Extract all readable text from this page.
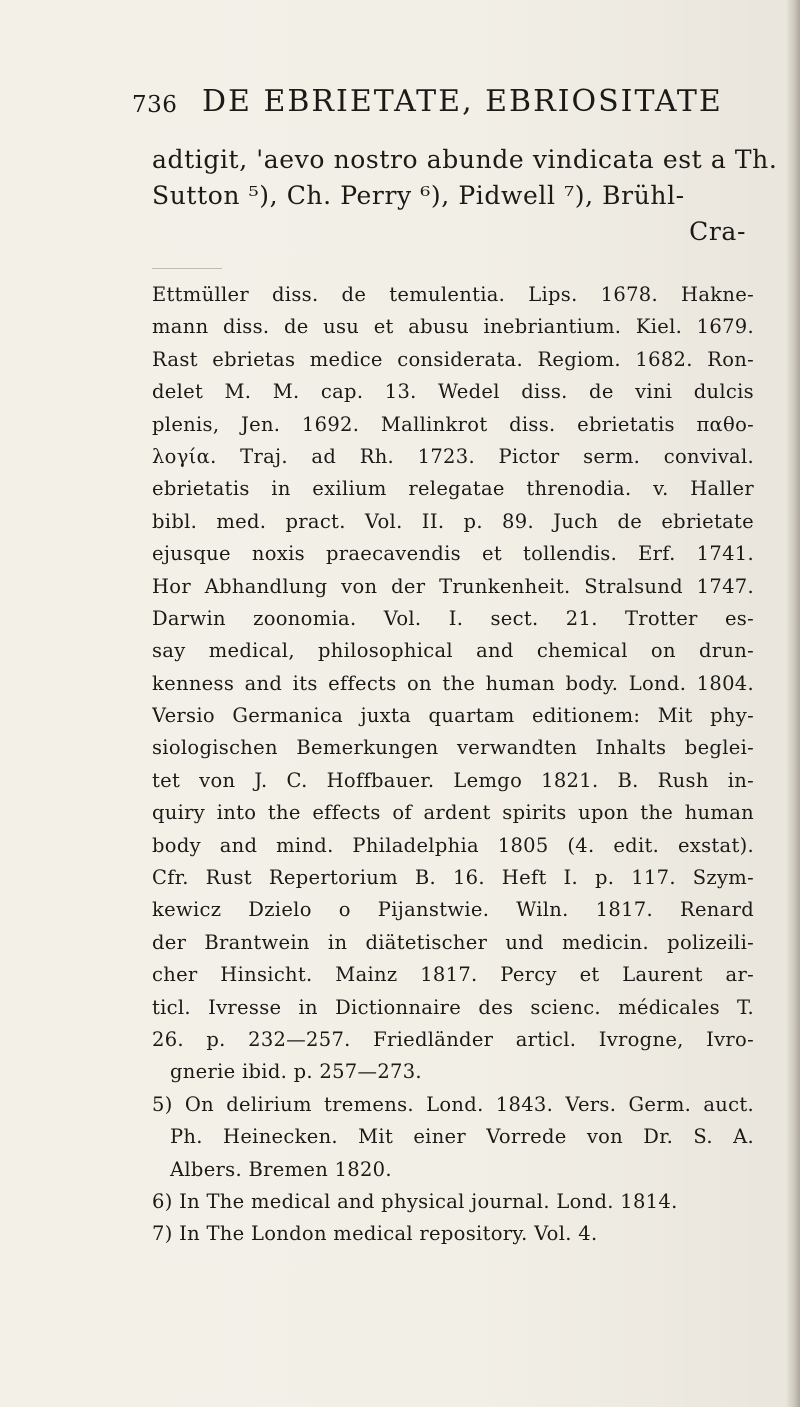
736 DE EBRIETATE, EBRIOSITATE
adtigit, 'aevo nostro abunde vindicata est a Th.
Sutton ⁵), Ch. Perry ⁶), Pidwell ⁷), Brühl-
Cra-
Ettmüller diss. de temulentia. Lips. 1678. Hakne-
mann diss. de usu et abusu inebriantium. Kiel. 1679.
Rast ebrietas medice considerata. Regiom. 1682. Ron-
delet M. M. cap. 13. Wedel diss. de vini dulcis
plenis, Jen. 1692. Mallinkrot diss. ebrietatis παθο-
λογία. Traj. ad Rh. 1723. Pictor serm. convival.
ebrietatis in exilium relegatae threnodia. v. Haller
bibl. med. pract. Vol. II. p. 89. Juch de ebrietate
ejusque noxis praecavendis et tollendis. Erf. 1741.
Hor Abhandlung von der Trunkenheit. Stralsund 1747.
Darwin zoonomia. Vol. I. sect. 21. Trotter es-
say medical, philosophical and chemical on drun-
kenness and its effects on the human body. Lond. 1804.
Versio Germanica juxta quartam editionem: Mit phy-
siologischen Bemerkungen verwandten Inhalts beglei-
tet von J. C. Hoffbauer. Lemgo 1821. B. Rush in-
quiry into the effects of ardent spirits upon the human
body and mind. Philadelphia 1805 (4. edit. exstat).
Cfr. Rust Repertorium B. 16. Heft I. p. 117. Szym-
kewicz Dzielo o Pijanstwie. Wiln. 1817. Renard
der Brantwein in diätetischer und medicin. polizeili-
cher Hinsicht. Mainz 1817. Percy et Laurent ar-
ticl. Ivresse in Dictionnaire des scienc. médicales T.
26. p. 232—257. Friedländer articl. Ivrogne, Ivro-
gnerie ibid. p. 257—273.
5) On delirium tremens. Lond. 1843. Vers. Germ. auct.
Ph. Heinecken. Mit einer Vorrede von Dr. S. A.
Albers. Bremen 1820.
6) In The medical and physical journal. Lond. 1814.
7) In The London medical repository. Vol. 4.
